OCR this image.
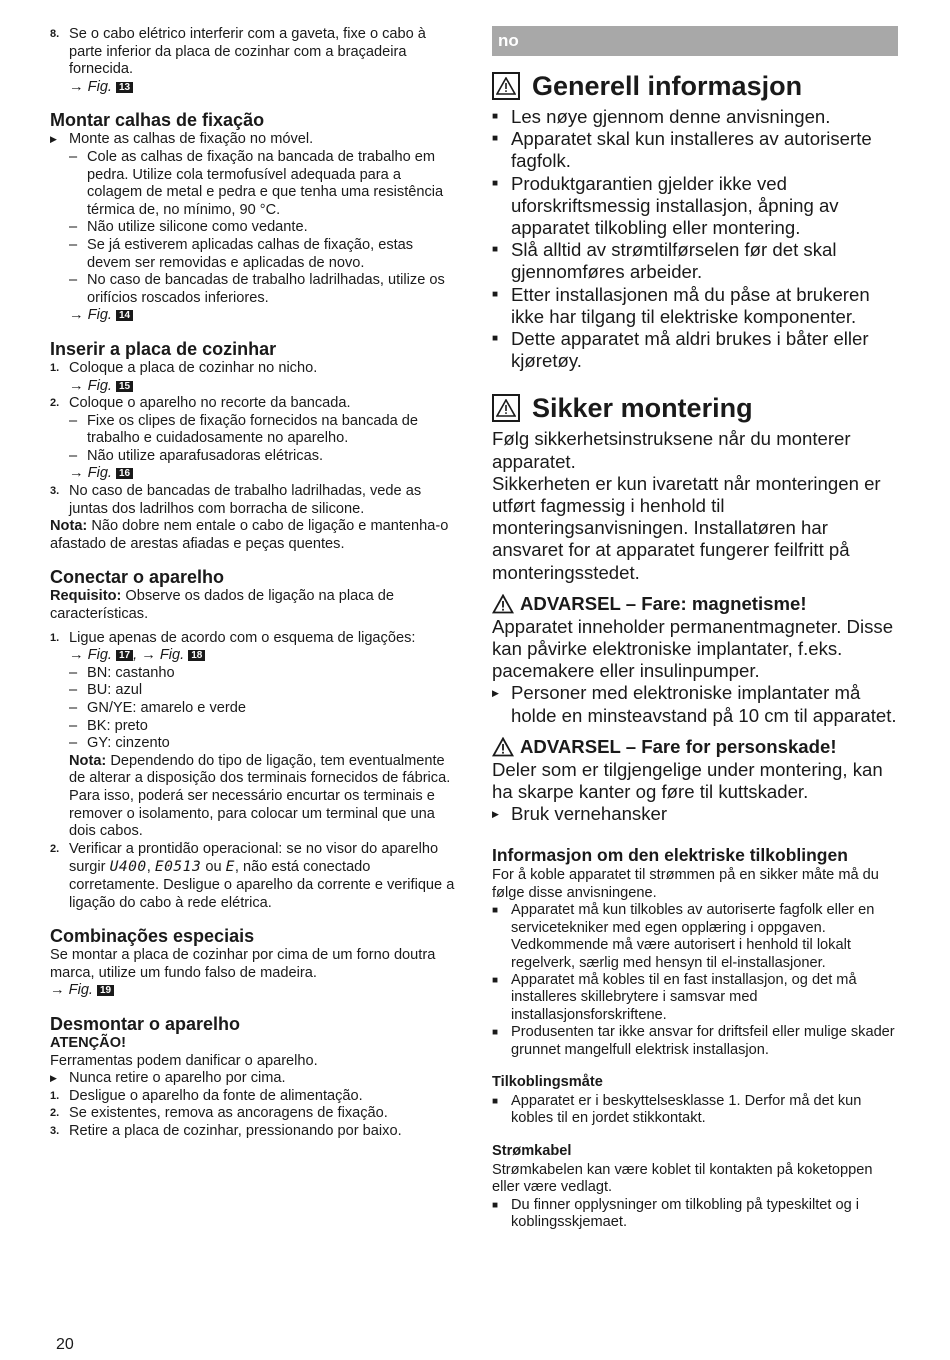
8. Se o cabo elétrico interferir com a gaveta, fixe o cabo à parte inferior da placa de cozinhar com a braçadeira fornecida.
→ Fig. 13
Montar calhas de fixação
▶ Monte as calhas de fixação no móvel.
– Cole as calhas de fixação na bancada de trabalho em pedra. Utilize cola termofusível adequada para a colagem de metal e pedra e que tenha uma resistência térmica de, no mínimo, 90 °C.
– Não utilize silicone como vedante.
– Se já estiverem aplicadas calhas de fixação, estas devem ser removidas e aplicadas de novo.
– No caso de bancadas de trabalho ladrilhadas, utilize os orifícios roscados inferiores.
→ Fig. 14
Inserir a placa de cozinhar
1. Coloque a placa de cozinhar no nicho.
→ Fig. 15
2. Coloque o aparelho no recorte da bancada.
– Fixe os clipes de fixação fornecidos na bancada de trabalho e cuidadosamente no aparelho.
– Não utilize aparafusadoras elétricas.
→ Fig. 16
3. No caso de bancadas de trabalho ladrilhadas, vede as juntas dos ladrilhos com borracha de silicone.
Nota: Não dobre nem entale o cabo de ligação e mantenha-o afastado de arestas afiadas e peças quentes.
Conectar o aparelho
Requisito: Observe os dados de ligação na placa de características.
1. Ligue apenas de acordo com o esquema de ligações:
→ Fig. 17 , → Fig. 18
– BN: castanho
– BU: azul
– GN/YE: amarelo e verde
– BK: preto
– GY: cinzento
Nota: Dependendo do tipo de ligação, tem eventualmente de alterar a disposição dos terminais fornecidos de fábrica. Para isso, poderá ser necessário encurtar os terminais e remover o isolamento, para colocar um terminal que una dois cabos.
2. Verificar a prontidão operacional: se no visor do aparelho surgir U400, E0513 ou E, não está conectado corretamente. Desligue o aparelho da corrente e verifique a ligação do cabo à rede elétrica.
Combinações especiais
Se montar a placa de cozinhar por cima de um forno doutra marca, utilize um fundo falso de madeira.
→ Fig. 19
Desmontar o aparelho
ATENÇÃO!
Ferramentas podem danificar o aparelho.
▶ Nunca retire o aparelho por cima.
1. Desligue o aparelho da fonte de alimentação.
2. Se existentes, remova as ancoragens de fixação.
3. Retire a placa de cozinhar, pressionando por baixo.
no
Generell informasjon
■ Les nøye gjennom denne anvisningen.
■ Apparatet skal kun installeres av autoriserte fagfolk.
■ Produktgarantien gjelder ikke ved uforskriftsmessig installasjon, åpning av apparatet tilkobling eller montering.
■ Slå alltid av strømtilførselen før det skal gjennomføres arbeider.
■ Etter installasjonen må du påse at brukeren ikke har tilgang til elektriske komponenter.
■ Dette apparatet må aldri brukes i båter eller kjøretøy.
Sikker montering
Følg sikkerhetsinstruksene når du monterer apparatet.
Sikkerheten er kun ivaretatt når monteringen er utført fagmessig i henhold til monteringsanvisningen. Installatøren har ansvaret for at apparatet fungerer feilfritt på monteringsstedet.
ADVARSEL – Fare: magnetisme!
Apparatet inneholder permanentmagneter. Disse kan påvirke elektroniske implantater, f.eks. pacemakere eller insulinpumper.
▶ Personer med elektroniske implantater må holde en minsteavstand på 10 cm til apparatet.
ADVARSEL – Fare for personskade!
Deler som er tilgjengelige under montering, kan ha skarpe kanter og føre til kuttskader.
▶ Bruk vernehansker
Informasjon om den elektriske tilkoblingen
For å koble apparatet til strømmen på en sikker måte må du følge disse anvisningene.
■ Apparatet må kun tilkobles av autoriserte fagfolk eller en servicetekniker med egen opplæring i oppgaven. Vedkommende må være autorisert i henhold til lokalt regelverk, særlig med hensyn til el-installasjoner.
■ Apparatet må kobles til en fast installasjon, og det må installeres skillebrytere i samsvar med installasjonsforskriftene.
■ Produsenten tar ikke ansvar for driftsfeil eller mulige skader grunnet mangelfull elektrisk installasjon.
Tilkoblingsmåte
■ Apparatet er i beskyttelsesklasse 1. Derfor må det kun kobles til en jordet stikkontakt.
Strømkabel
Strømkabelen kan være koblet til kontakten på koketoppen eller være vedlagt.
■ Du finner opplysninger om tilkobling på typeskiltet og i koblingsskjemaet.
20
